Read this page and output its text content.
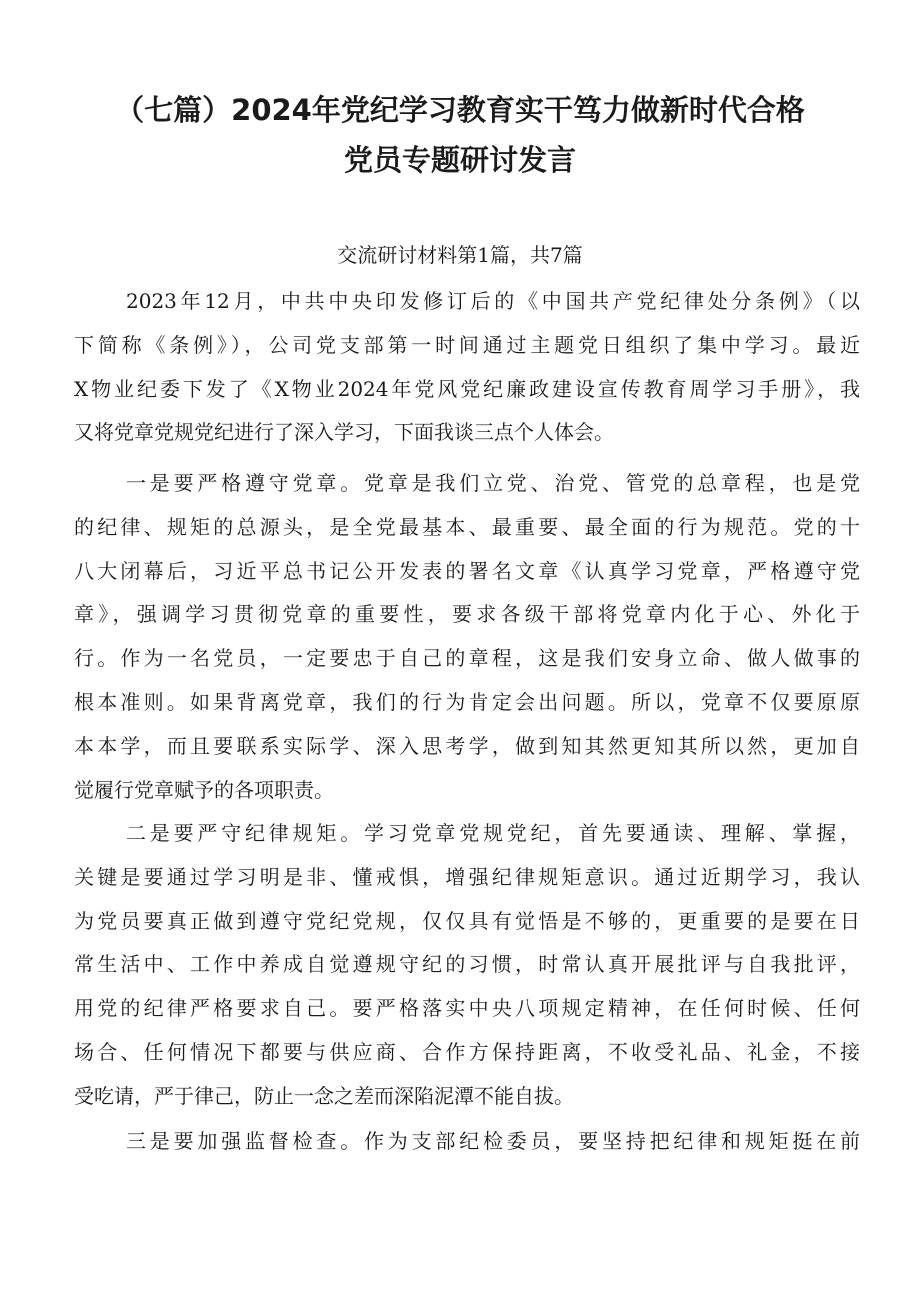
（七篇）2024年党纪学习教育实干笃力做新时代合格
党员专题研讨发言

交流研讨材料第1篇，共7篇

2023年12月，中共中央印发修订后的《中国共产党纪律处分条例》（以
下简称《条例》），公司党支部第一时间通过主题党日组织了集中学习。最近
X物业纪委下发了《X物业2024年党风党纪廉政建设宣传教育周学习手册》，我
又将党章党规党纪进行了深入学习，下面我谈三点个人体会。
一是要严格遵守党章。党章是我们立党、治党、管党的总章程，也是党
的纪律、规矩的总源头，是全党最基本、最重要、最全面的行为规范。党的十
八大闭幕后，习近平总书记公开发表的署名文章《认真学习党章，严格遵守党
章》，强调学习贯彻党章的重要性，要求各级干部将党章内化于心、外化于
行。作为一名党员，一定要忠于自己的章程，这是我们安身立命、做人做事的
根本准则。如果背离党章，我们的行为肯定会出问题。所以，党章不仅要原原
本本学，而且要联系实际学、深入思考学，做到知其然更知其所以然，更加自
觉履行党章赋予的各项职责。
二是要严守纪律规矩。学习党章党规党纪，首先要通读、理解、掌握，
关键是要通过学习明是非、懂戒惧，增强纪律规矩意识。通过近期学习，我认
为党员要真正做到遵守党纪党规，仅仅具有觉悟是不够的，更重要的是要在日
常生活中、工作中养成自觉遵规守纪的习惯，时常认真开展批评与自我批评，
用党的纪律严格要求自己。要严格落实中央八项规定精神，在任何时候、任何
场合、任何情况下都要与供应商、合作方保持距离，不收受礼品、礼金，不接
受吃请，严于律己，防止一念之差而深陷泥潭不能自拔。
三是要加强监督检查。作为支部纪检委员，要坚持把纪律和规矩挺在前
